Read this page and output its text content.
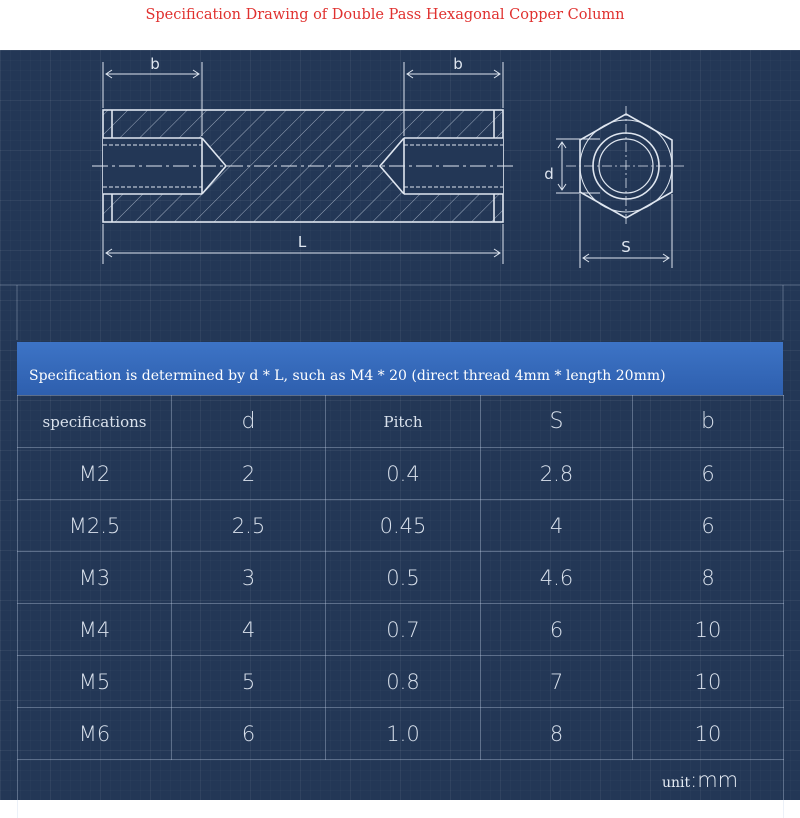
Specification Drawing of Double Pass Hexagonal Copper Column
b	b
L
d
S
Specification is determined by d * L, such as M4 * 20 (direct thread 4mm * length 20mm)
specifications	d	Pitch	S	b
M2	2	0.4	2.8	6
M2.5	2.5	0.45	4	6
M3	3	0.5	4.6	8
M4	4	0.7	6	10
M5	5	0.8	7	10
M6	6	1.0	8	10

unit:mm
